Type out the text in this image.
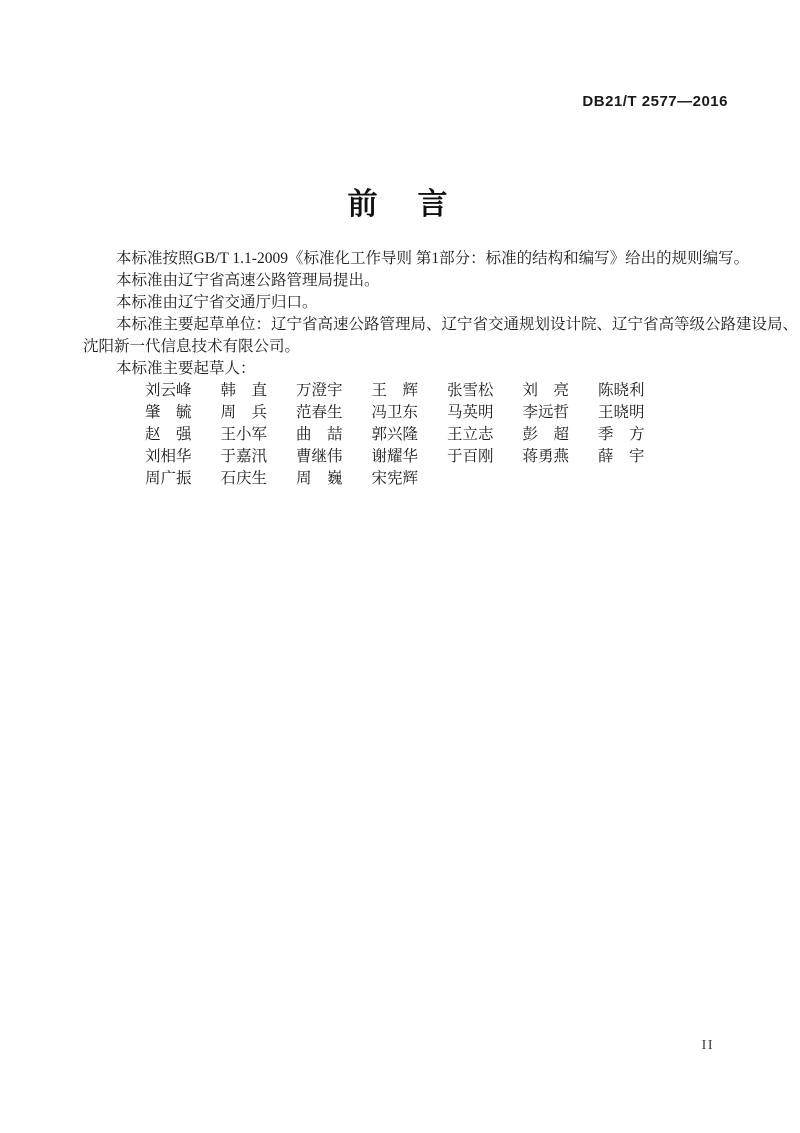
DB21/T 2577—2016
前　言
本标准按照GB/T 1.1-2009《标准化工作导则 第1部分：标准的结构和编写》给出的规则编写。
本标准由辽宁省高速公路管理局提出。
本标准由辽宁省交通厅归口。
本标准主要起草单位：辽宁省高速公路管理局、辽宁省交通规划设计院、辽宁省高等级公路建设局、
沈阳新一代信息技术有限公司。
本标准主要起草人：
刘云峰	韩　直	万澄宇	王　辉	张雪松	刘　亮	陈晓利
肇　毓	周　兵	范春生	冯卫东	马英明	李远哲	王晓明
赵　强	王小军	曲　喆	郭兴隆	王立志	彭　超	季　方
刘相华	于嘉汛	曹继伟	谢耀华	于百刚	蒋勇燕	薛　宇
周广振	石庆生	周　巍	宋宪辉
II
